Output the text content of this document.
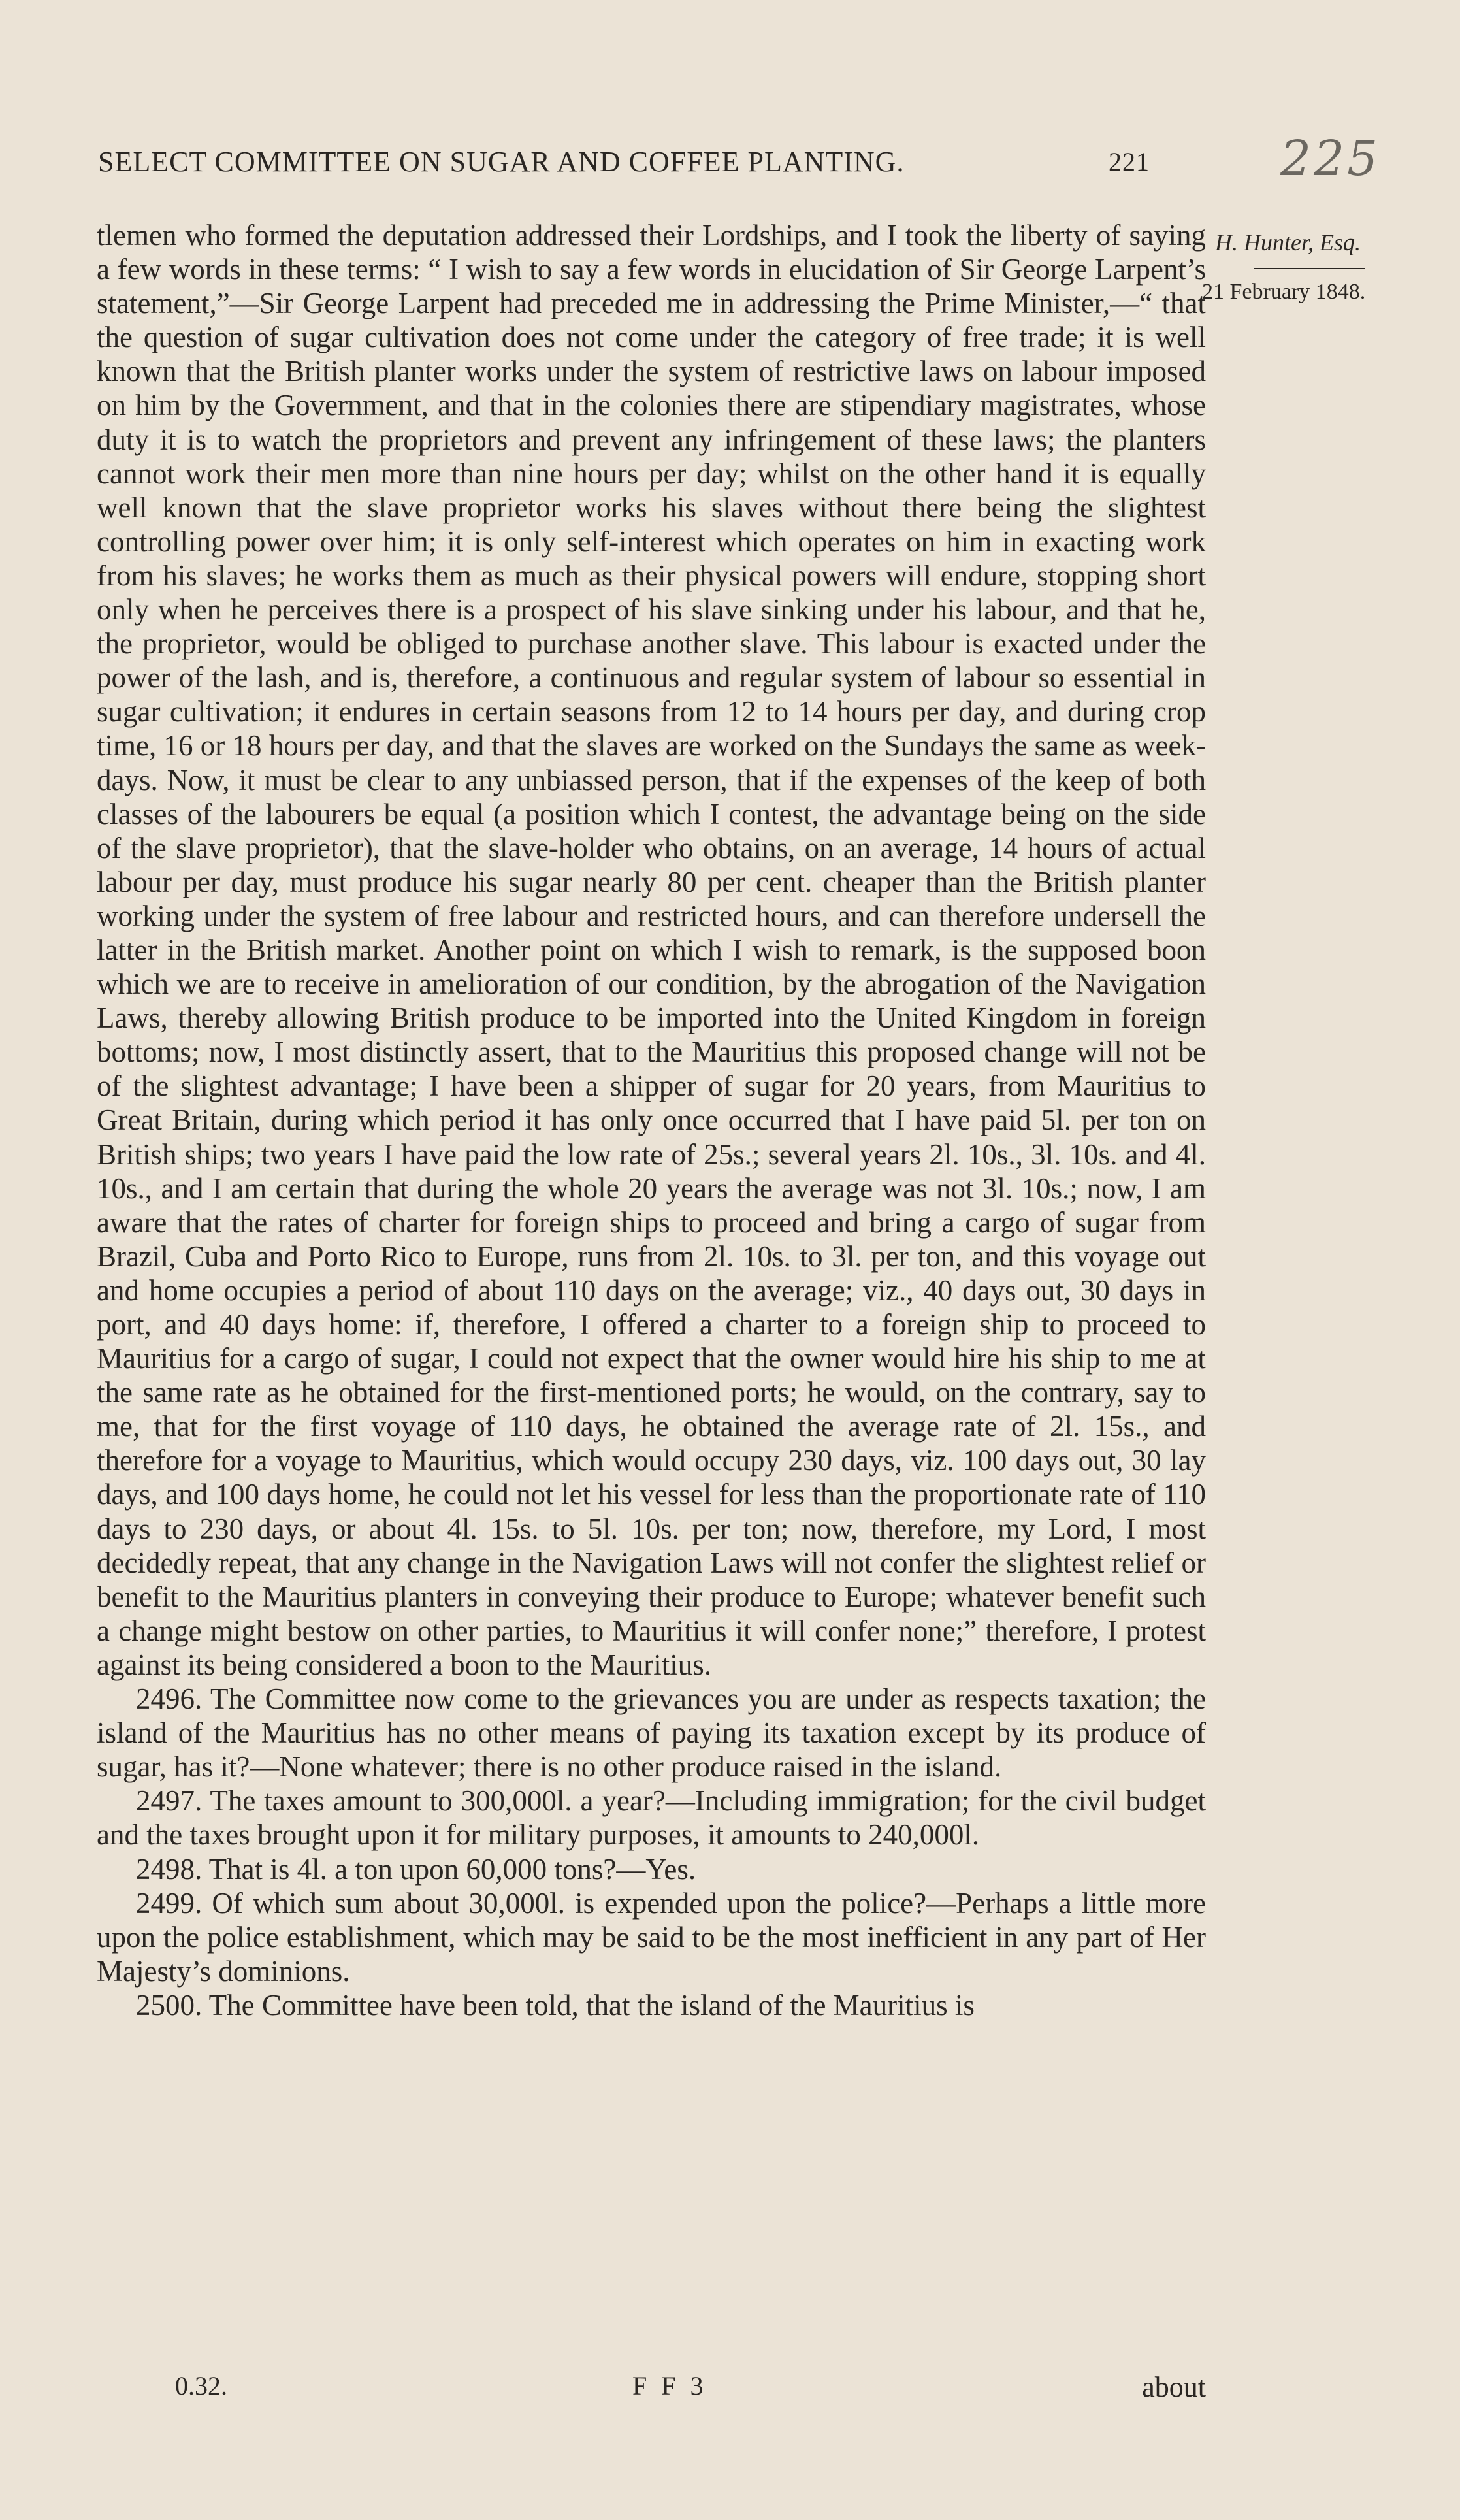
SELECT COMMITTEE ON SUGAR AND COFFEE PLANTING.	221	225
H. Hunter, Esq.
21 February 1848.

tlemen who formed the deputation addressed their Lordships, and I took the liberty of saying a few words in these terms: “ I wish to say a few words in elucidation of Sir George Larpent’s statement,”—Sir George Larpent had preceded me in addressing the Prime Minister,—“ that the question of sugar cultivation does not come under the category of free trade; it is well known that the British planter works under the system of restrictive laws on labour imposed on him by the Government, and that in the colonies there are stipendiary magistrates, whose duty it is to watch the proprietors and prevent any infringement of these laws; the planters cannot work their men more than nine hours per day; whilst on the other hand it is equally well known that the slave proprietor works his slaves without there being the slightest controlling power over him; it is only self-interest which operates on him in exacting work from his slaves; he works them as much as their physical powers will endure, stopping short only when he perceives there is a prospect of his slave sinking under his labour, and that he, the proprietor, would be obliged to purchase another slave. This labour is exacted under the power of the lash, and is, therefore, a continuous and regular system of labour so essential in sugar cultivation; it endures in certain seasons from 12 to 14 hours per day, and during crop time, 16 or 18 hours per day, and that the slaves are worked on the Sundays the same as week-days. Now, it must be clear to any unbiassed person, that if the expenses of the keep of both classes of the labourers be equal (a position which I contest, the advantage being on the side of the slave proprietor), that the slave-holder who obtains, on an average, 14 hours of actual labour per day, must produce his sugar nearly 80 per cent. cheaper than the British planter working under the system of free labour and restricted hours, and can therefore undersell the latter in the British market. Another point on which I wish to remark, is the supposed boon which we are to receive in amelioration of our condition, by the abrogation of the Navigation Laws, thereby allowing British produce to be imported into the United Kingdom in foreign bottoms; now, I most distinctly assert, that to the Mauritius this proposed change will not be of the slightest advantage; I have been a shipper of sugar for 20 years, from Mauritius to Great Britain, during which period it has only once occurred that I have paid 5l. per ton on British ships; two years I have paid the low rate of 25s.; several years 2l. 10s., 3l. 10s. and 4l. 10s., and I am certain that during the whole 20 years the average was not 3l. 10s.; now, I am aware that the rates of charter for foreign ships to proceed and bring a cargo of sugar from Brazil, Cuba and Porto Rico to Europe, runs from 2l. 10s. to 3l. per ton, and this voyage out and home occupies a period of about 110 days on the average; viz., 40 days out, 30 days in port, and 40 days home: if, therefore, I offered a charter to a foreign ship to proceed to Mauritius for a cargo of sugar, I could not expect that the owner would hire his ship to me at the same rate as he obtained for the first-mentioned ports; he would, on the contrary, say to me, that for the first voyage of 110 days, he obtained the average rate of 2l. 15s., and therefore for a voyage to Mauritius, which would occupy 230 days, viz. 100 days out, 30 lay days, and 100 days home, he could not let his vessel for less than the proportionate rate of 110 days to 230 days, or about 4l. 15s. to 5l. 10s. per ton; now, therefore, my Lord, I most decidedly repeat, that any change in the Navigation Laws will not confer the slightest relief or benefit to the Mauritius planters in conveying their produce to Europe; whatever benefit such a change might bestow on other parties, to Mauritius it will confer none;” therefore, I protest against its being considered a boon to the Mauritius.

2496. The Committee now come to the grievances you are under as respects taxation; the island of the Mauritius has no other means of paying its taxation except by its produce of sugar, has it?—None whatever; there is no other produce raised in the island.

2497. The taxes amount to 300,000l. a year?—Including immigration; for the civil budget and the taxes brought upon it for military purposes, it amounts to 240,000l.

2498. That is 4l. a ton upon 60,000 tons?—Yes.

2499. Of which sum about 30,000l. is expended upon the police?—Perhaps a little more upon the police establishment, which may be said to be the most inefficient in any part of Her Majesty’s dominions.

2500. The Committee have been told, that the island of the Mauritius is

0.32.	F F 3	about
